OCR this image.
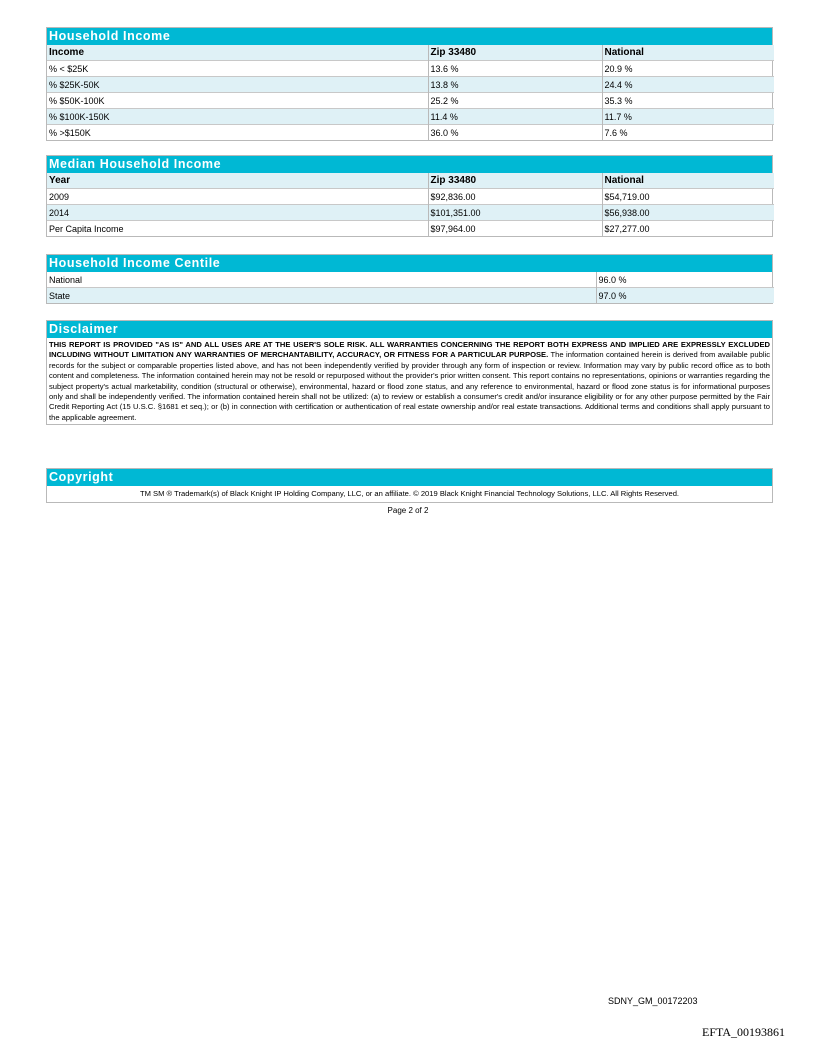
Household Income
Income	Zip 33480	National
% < $25K	13.6 %	20.9 %
% $25K-50K	13.8 %	24.4 %
% $50K-100K	25.2 %	35.3 %
% $100K-150K	11.4 %	11.7 %
% >$150K	36.0 %	7.6 %
Median Household Income
Year	Zip 33480	National
2009	$92,836.00	$54,719.00
2014	$101,351.00	$56,938.00
Per Capita Income	$97,964.00	$27,277.00
Household Income Centile
National	96.0 %
State	97.0 %
Disclaimer
THIS REPORT IS PROVIDED "AS IS" AND ALL USES ARE AT THE USER'S SOLE RISK. ALL WARRANTIES CONCERNING THE REPORT BOTH EXPRESS AND IMPLIED ARE EXPRESSLY EXCLUDED INCLUDING WITHOUT LIMITATION ANY WARRANTIES OF MERCHANTABILITY, ACCURACY, OR FITNESS FOR A PARTICULAR PURPOSE. The information contained herein is derived from available public records for the subject or comparable properties listed above, and has not been independently verified by provider through any form of inspection or review. Information may vary by public record office as to both content and completeness. The information contained herein may not be resold or repurposed without the provider's prior written consent. This report contains no representations, opinions or warranties regarding the subject property's actual marketability, condition (structural or otherwise), environmental, hazard or flood zone status, and any reference to environmental, hazard or flood zone status is for informational purposes only and shall be independently verified. The information contained herein shall not be utilized: (a) to review or establish a consumer's credit and/or insurance eligibility or for any other purpose permitted by the Fair Credit Reporting Act (15 U.S.C. §1681 et seq.); or (b) in connection with certification or authentication of real estate ownership and/or real estate transactions. Additional terms and conditions shall apply pursuant to the applicable agreement.
Copyright
TM SM ® Trademark(s) of Black Knight IP Holding Company, LLC, or an affiliate. © 2019 Black Knight Financial Technology Solutions, LLC. All Rights Reserved.
Page 2 of 2
SDNY_GM_00172203
EFTA_00193861
